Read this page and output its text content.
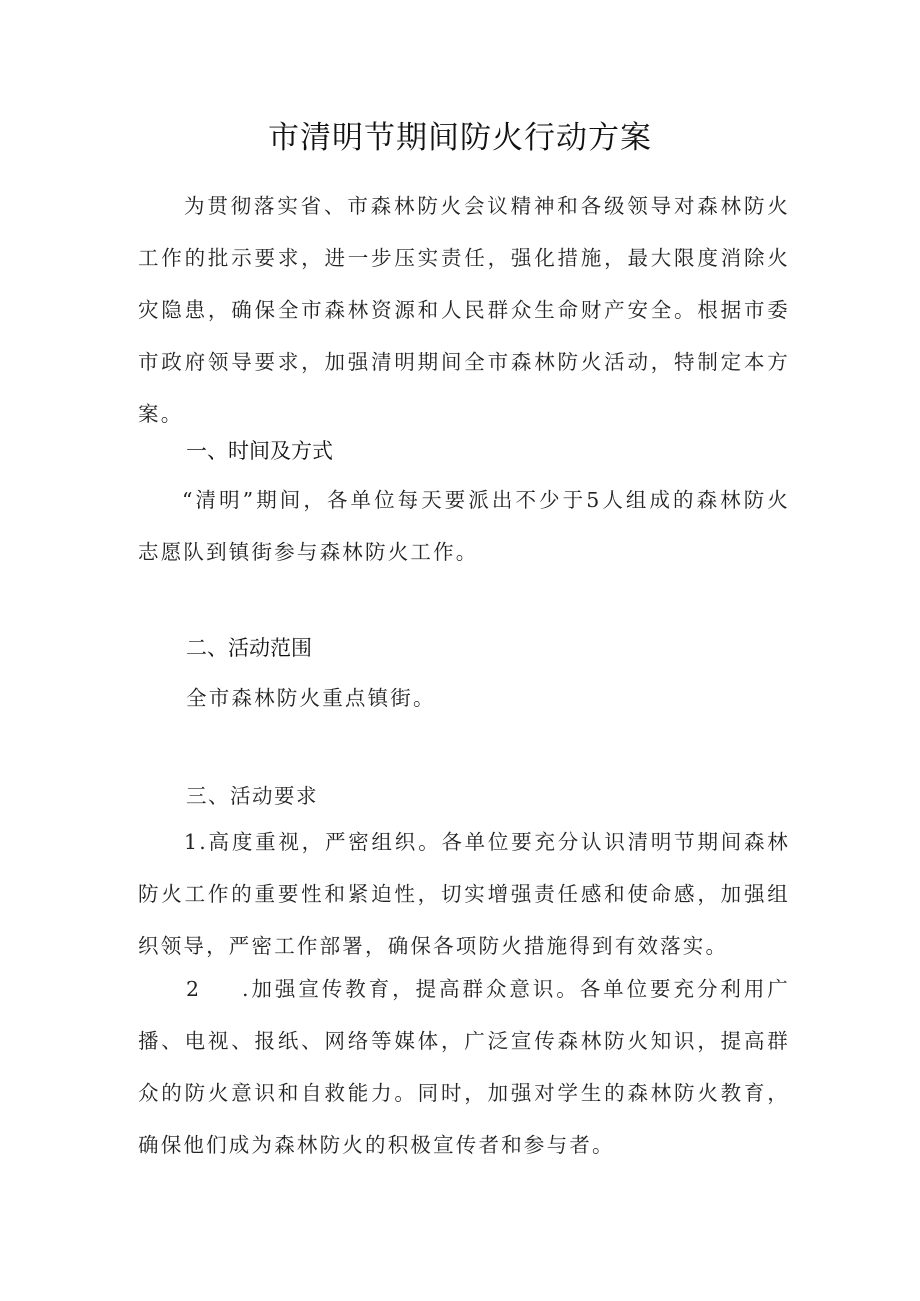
市清明节期间防火行动方案

为贯彻落实省、市森林防火会议精神和各级领导对森林防火工作的批示要求，进一步压实责任，强化措施，最大限度消除火灾隐患，确保全市森林资源和人民群众生命财产安全。根据市委市政府领导要求，加强清明期间全市森林防火活动，特制定本方案。

一、时间及方式

“清明”期间，各单位每天要派出不少于5人组成的森林防火志愿队到镇街参与森林防火工作。

二、活动范围
全市森林防火重点镇街。
三、活动要求

1.高度重视，严密组织。各单位要充分认识清明节期间森林防火工作的重要性和紧迫性，切实增强责任感和使命感，加强组织领导，严密工作部署，确保各项防火措施得到有效落实。

2	.加强宣传教育，提高群众意识。各单位要充分利用广播、电视、报纸、网络等媒体，广泛宣传森林防火知识，提高群众的防火意识和自救能力。同时，加强对学生的森林防火教育，确保他们成为森林防火的积极宣传者和参与者。
